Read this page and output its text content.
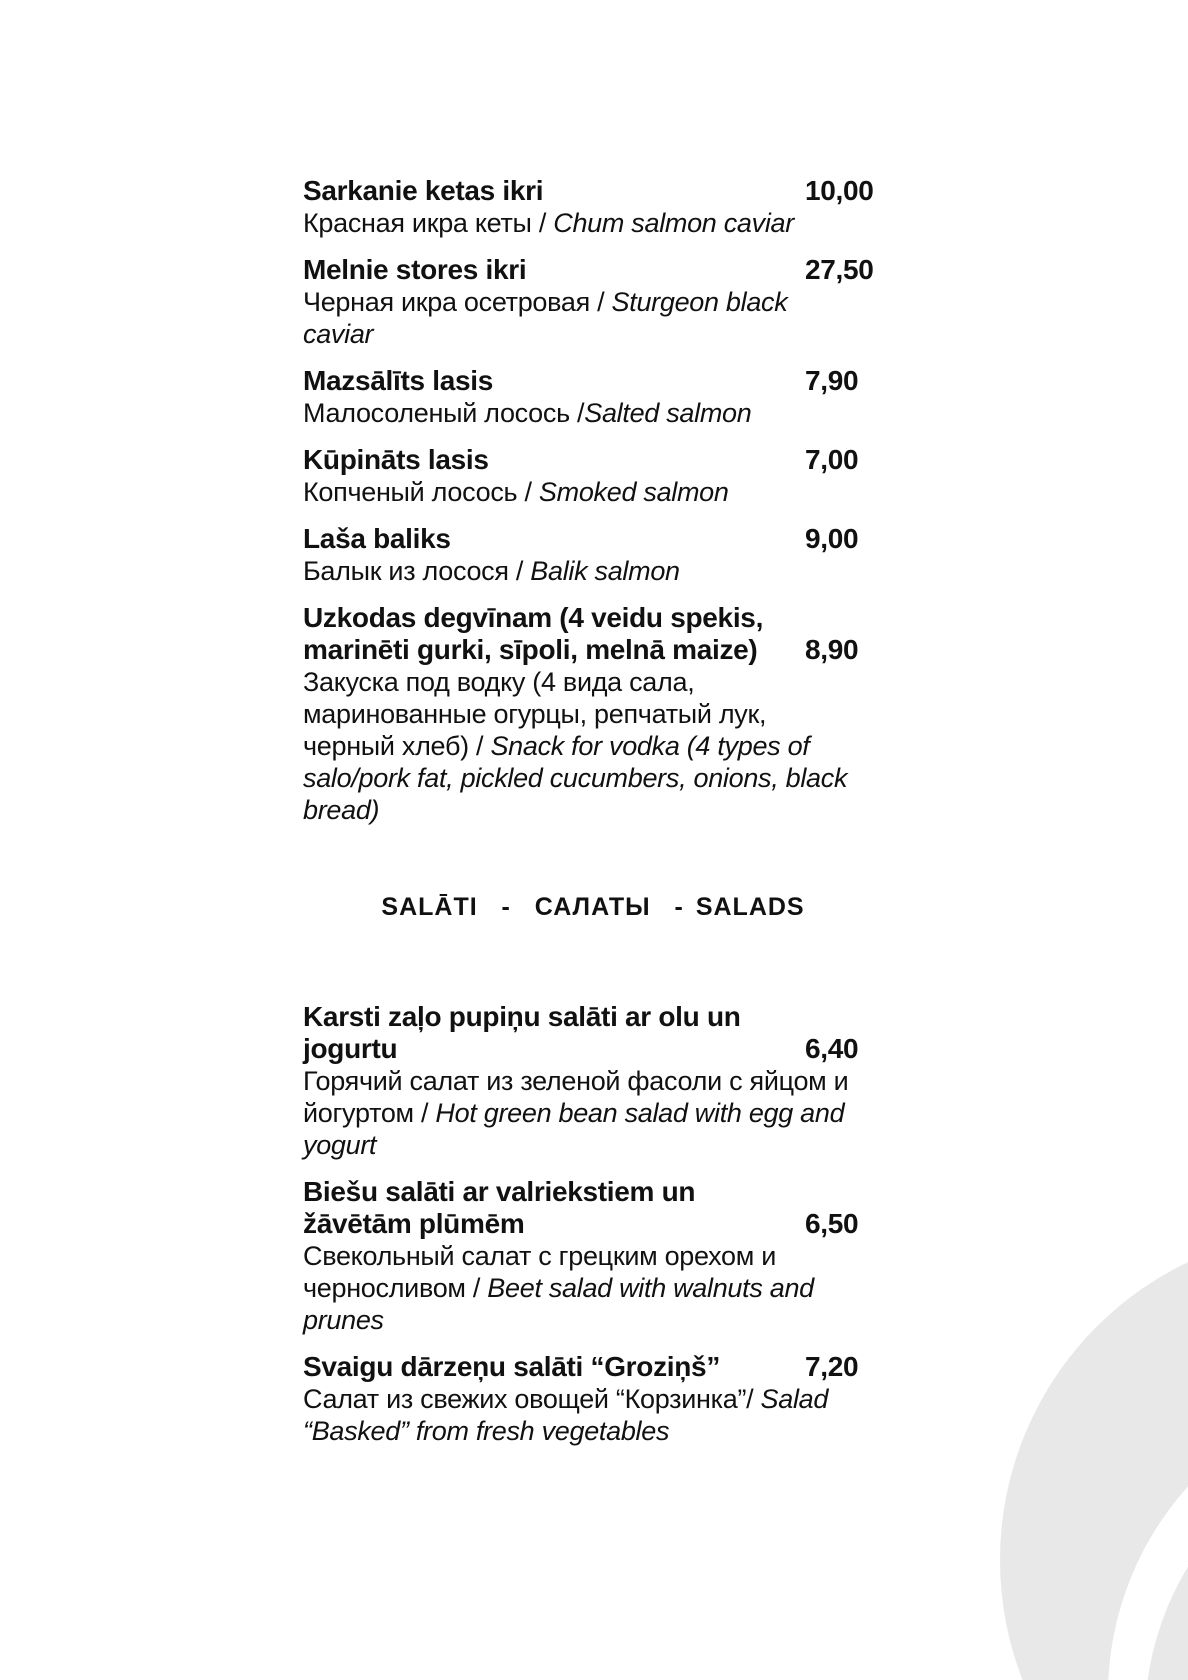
Sarkanie ketas ikri	10,00
Красная икра кеты / Chum salmon caviar
Melnie stores ikri	27,50
Черная икра осетровая / Sturgeon black caviar
Mazsālīts lasis	7,90
Малосоленый лосось /Salted salmon
Kūpināts lasis	7,00
Копченый лосось / Smoked salmon
Laša baliks	9,00
Балык из лосося / Balik salmon
Uzkodas degvīnam (4 veidu spekis, marinēti gurki, sīpoli, melnā maize)	8,90
Закуска под водку (4 вида сала, маринованные огурцы, репчатый лук, черный хлеб) / Snack for vodka (4 types of salo/pork fat, pickled cucumbers, onions, black bread)
SALĀTI  -  САЛАТЫ  - SALADS
Karsti zaļo pupiņu salāti ar olu un jogurtu	6,40
Горячий салат из зеленой фасоли с яйцом и йогуртом / Hot green bean salad with egg and yogurt
Biešu salāti ar valriekstiem un žāvētām plūmēm	6,50
Свекольный салат с грецким орехом и черносливом / Beet salad with walnuts and prunes
Svaigu dārzeņu salāti “Groziņš”	7,20
Салат из свежих овощей “Корзинка”/ Salad “Basked” from fresh vegetables
